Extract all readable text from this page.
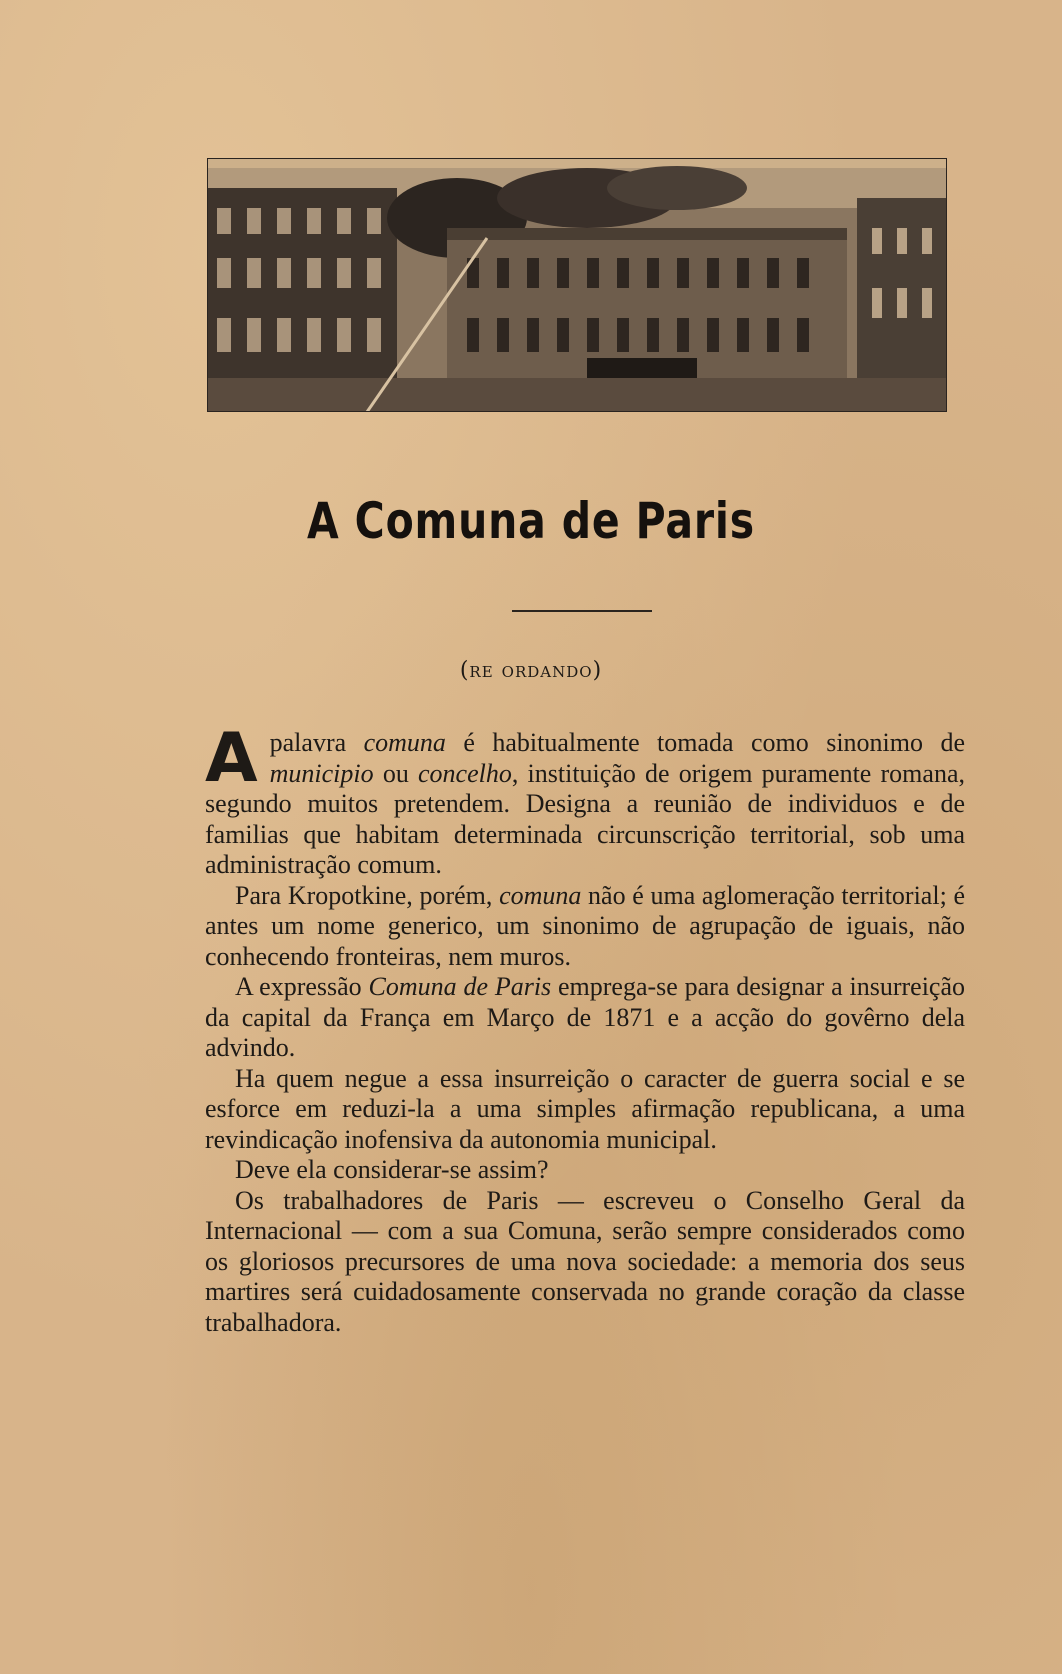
A Comuna de Paris
(re ordando)

A palavra comuna é habitualmente tomada como sinonimo de municipio ou concelho, instituição de origem puramente romana, segundo muitos pretendem. Designa a reunião de individuos e de familias que habitam determinada circunscrição territorial, sob uma administração comum.

Para Kropotkine, porém, comuna não é uma aglomeração territorial; é antes um nome generico, um sinonimo de agrupação de iguais, não conhecendo fronteiras, nem muros.

A expressão Comuna de Paris emprega-se para designar a insurreição da capital da França em Março de 1871 e a acção do govêrno dela advindo.

Ha quem negue a essa insurreição o caracter de guerra social e se esforce em reduzi-la a uma simples afirmação republicana, a uma revindicação inofensiva da autonomia municipal.

Deve ela considerar-se assim?

Os trabalhadores de Paris — escreveu o Conselho Geral da Internacional — com a sua Comuna, serão sempre considerados como os gloriosos precursores de uma nova sociedade: a memoria dos seus martires será cuidadosamente conservada no grande coração da classe trabalhadora.
